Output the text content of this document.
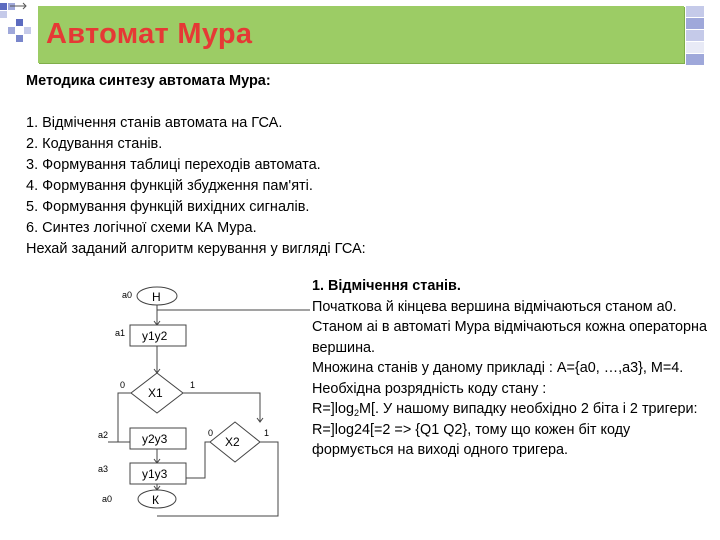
Автомат Мура
Методика синтезу автомата Мура:
1. Відмічення станів автомата на ГСА.
2. Кодування станів.
3. Формування таблиці переходів автомата.
4. Формування функцій збудження пам'яті.
5. Формування функцій вихідних сигналів.
6. Синтез логічної схеми КА Мура.
Нехай заданий алгоритм керування у вигляді ГСА:
Н
y1y2
X1
X2
y2y3
y1y3
К
a0
a1
a2
a3
a0
0	1
0	1
1. Відмічення станів.

Початкова й кінцева вершина відмічаються станом а0.

Станом аі в автоматі Мура відмічаються кожна операторна вершина.

Множина станів у даному прикладі : А={а0, …,а3}, М=4.

Необхідна розрядність коду стану :

$R=]\log_2M$[. У нашому випадку необхідно 2 біта і 2 тригери: R=]log24[=2 => {Q1 Q2}, тому що кожен біт коду формується на виході одного тригера.
